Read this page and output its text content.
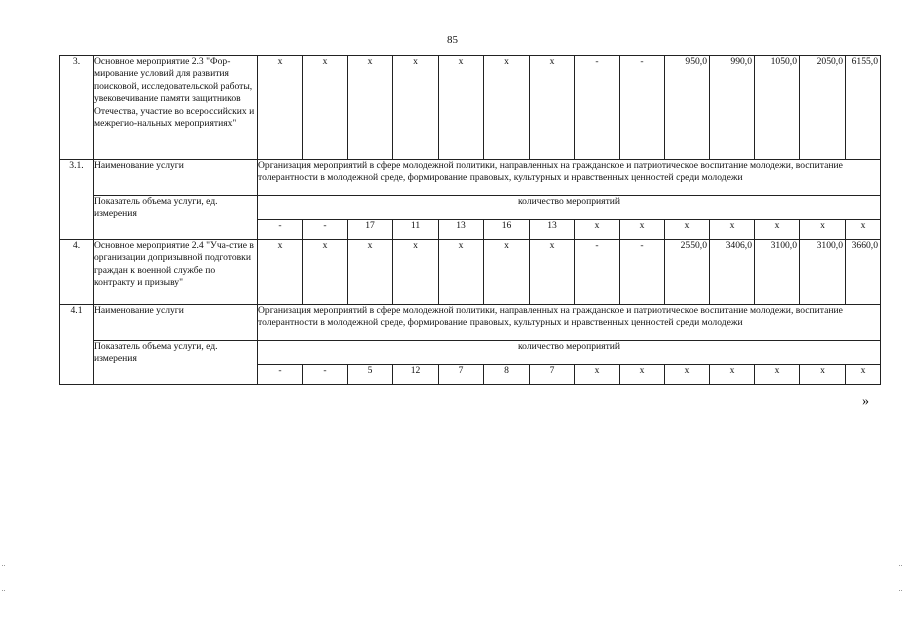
85
3.	Основное мероприятие 2.3 "Фор-мирование условий для развития поисковой, исследовательской работы, увековечивание памяти защитников Отечества, участие во всероссийских и межрегио-нальных мероприятиях"	х	х	х	х	х	х	х	-	-	950,0	990,0	1050,0	2050,0	6155,0
3.1.	Наименование услуги	Организация мероприятий в сфере молодежной политики, направленных на гражданское и патриотическое воспитание молодежи, воспитание толерантности в молодежной среде, формирование правовых, культурных и нравственных ценностей среди молодежи													
	Показатель объема услуги, ед. измерения	количество мероприятий													
		-	-	17	11	13	16	13	х	х	х	х	х	х	х
4.	Основное мероприятие 2.4 "Уча-стие в организации допризывной подготовки граждан к военной службе по контракту и призыву"	х	х	х	х	х	х	х	-	-	2550,0	3406,0	3100,0	3100,0	3660,0
4.1	Наименование услуги	Организация мероприятий в сфере молодежной политики, направленных на гражданское и патриотическое воспитание молодежи, воспитание толерантности в молодежной среде, формирование правовых, культурных и нравственных ценностей среди молодежи													
	Показатель объема услуги, ед. измерения	количество мероприятий													
		-	-	5	12	7	8	7	х	х	х	х	х	х	х
»
